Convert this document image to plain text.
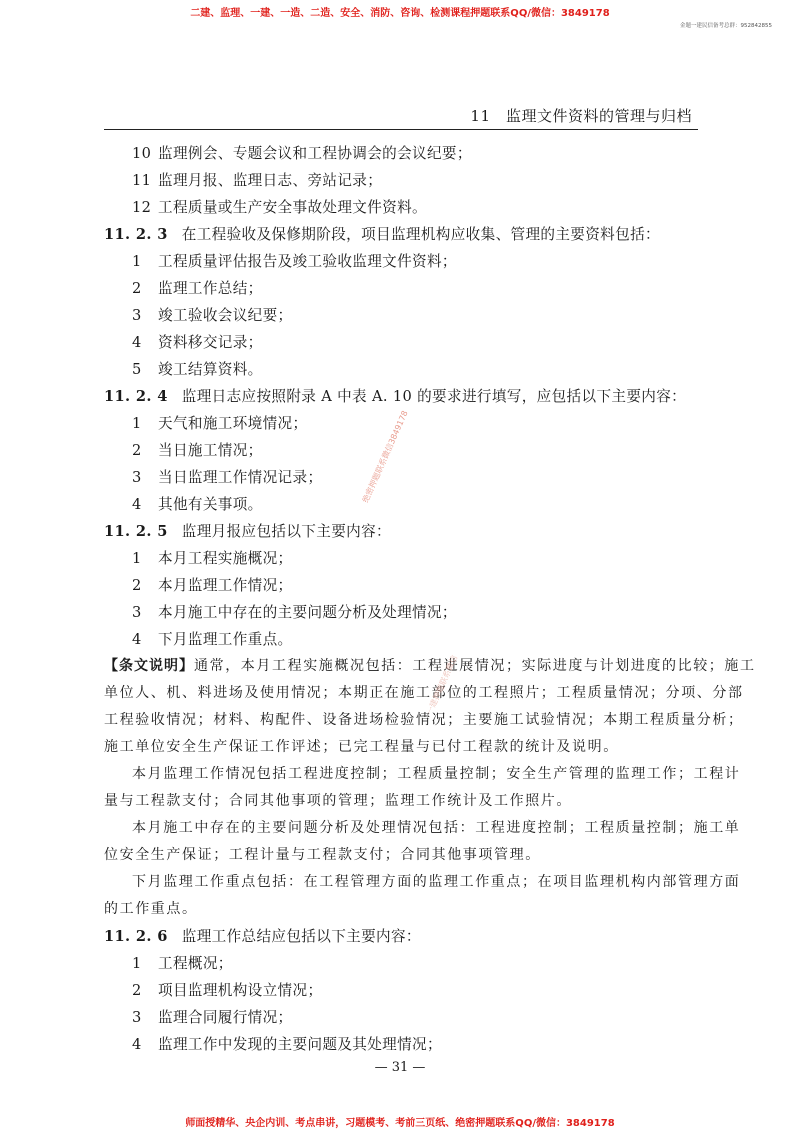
二建、监理、一建、一造、二造、安全、消防、咨询、检测课程押题联系QQ/微信：3849178
金题一建民信备考总群：952842855
11　监理文件资料的管理与归档
10 监理例会、专题会议和工程协调会的会议纪要；
11 监理月报、监理日志、旁站记录；
12 工程质量或生产安全事故处理文件资料。
11. 2. 3 在工程验收及保修期阶段，项目监理机构应收集、管理的主要资料包括：
1 工程质量评估报告及竣工验收监理文件资料；
2 监理工作总结；
3 竣工验收会议纪要；
4 资料移交记录；
5 竣工结算资料。
11. 2. 4 监理日志应按照附录 A 中表 A. 10 的要求进行填写，应包括以下主要内容：
1 天气和施工环境情况；
2 当日施工情况；
3 当日监理工作情况记录；
4 其他有关事项。
11. 2. 5 监理月报应包括以下主要内容：
1 本月工程实施概况；
2 本月监理工作情况；
3 本月施工中存在的主要问题分析及处理情况；
4 下月监理工作重点。
【条文说明】通常，本月工程实施概况包括：工程进展情况；实际进度与计划进度的比较；施工
单位人、机、料进场及使用情况；本期正在施工部位的工程照片；工程质量情况；分项、分部
工程验收情况；材料、构配件、设备进场检验情况；主要施工试验情况；本期工程质量分析；
施工单位安全生产保证工作评述；已完工程量与已付工程款的统计及说明。
本月监理工作情况包括工程进度控制；工程质量控制；安全生产管理的监理工作；工程计
量与工程款支付；合同其他事项的管理；监理工作统计及工作照片。
本月施工中存在的主要问题分析及处理情况包括：工程进度控制；工程质量控制；施工单
位安全生产保证；工程计量与工程款支付；合同其他事项管理。
下月监理工作重点包括：在工程管理方面的监理工作重点；在项目监理机构内部管理方面
的工作重点。
11. 2. 6 监理工作总结应包括以下主要内容：
1 工程概况；
2 项目监理机构设立情况；
3 监理合同履行情况；
4 监理工作中发现的主要问题及其处理情况；
绝密押题联系微信3849178
一建押题联系微信
— 31 —
师面授精华、央企内训、考点串讲，习题模考、考前三页纸、绝密押题联系QQ/微信：3849178
